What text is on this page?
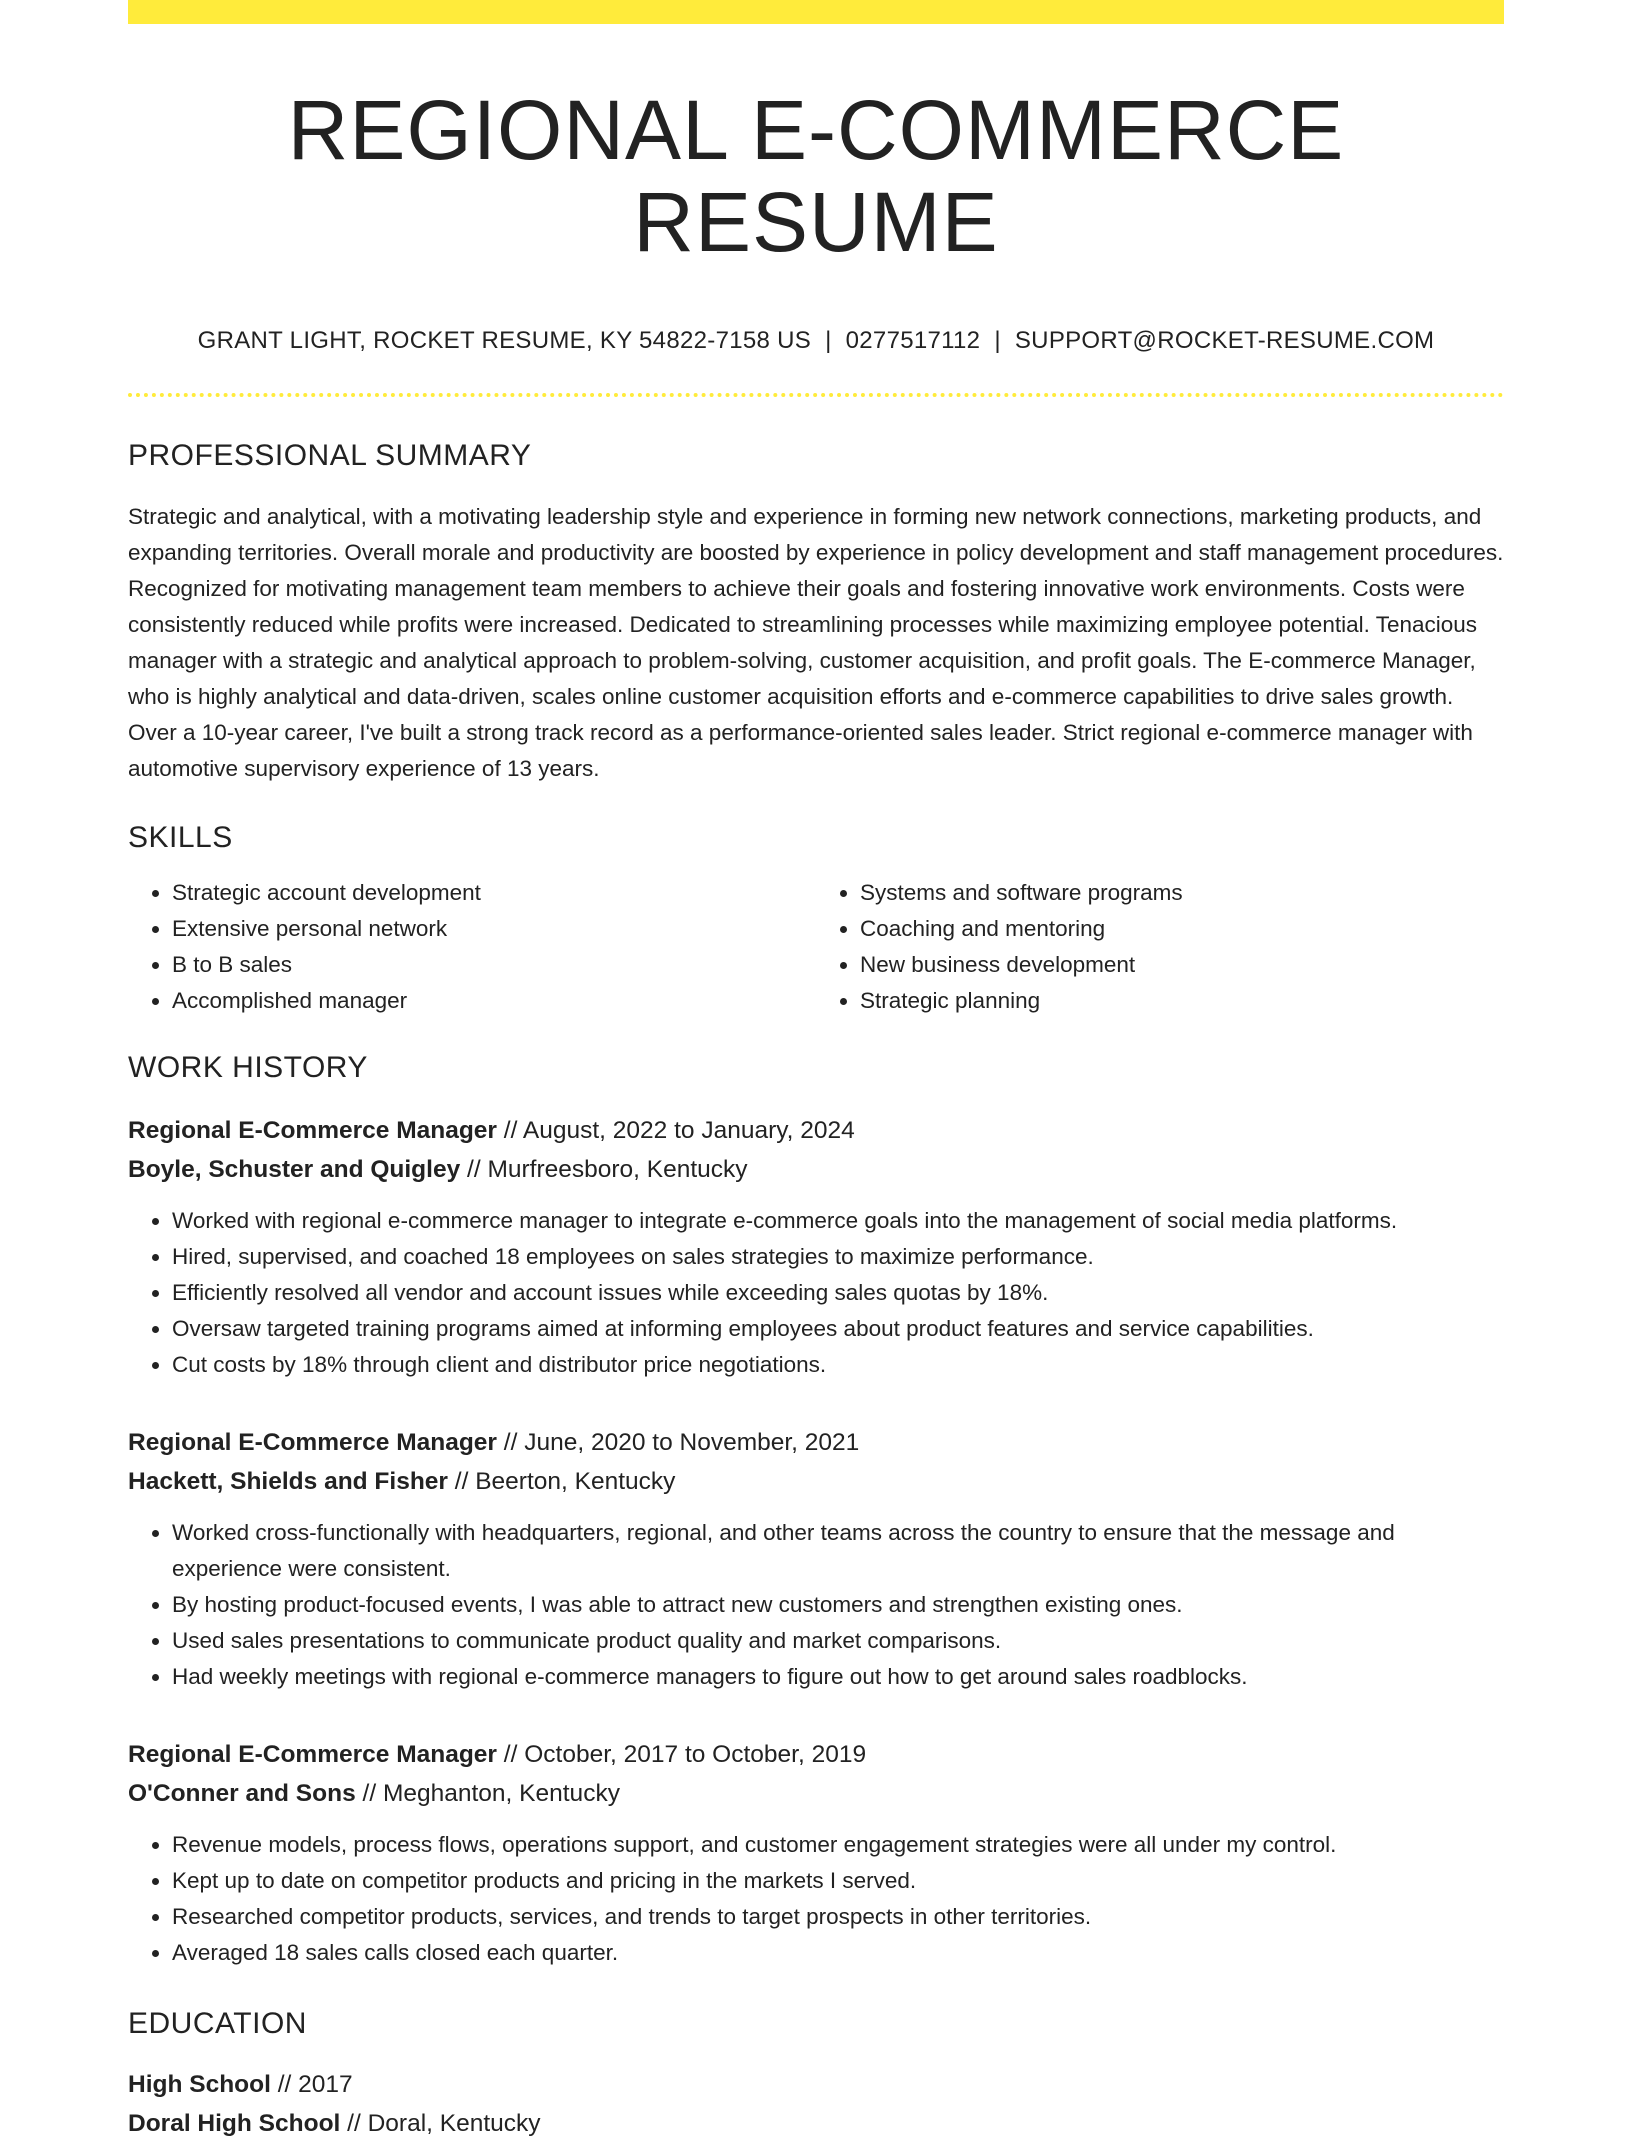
REGIONAL E-COMMERCE RESUME
GRANT LIGHT, ROCKET RESUME, KY 54822-7158 US | 0277517112 | SUPPORT@ROCKET-RESUME.COM
PROFESSIONAL SUMMARY
Strategic and analytical, with a motivating leadership style and experience in forming new network connections, marketing products, and expanding territories. Overall morale and productivity are boosted by experience in policy development and staff management procedures. Recognized for motivating management team members to achieve their goals and fostering innovative work environments. Costs were consistently reduced while profits were increased. Dedicated to streamlining processes while maximizing employee potential. Tenacious manager with a strategic and analytical approach to problem-solving, customer acquisition, and profit goals. The E-commerce Manager, who is highly analytical and data-driven, scales online customer acquisition efforts and e-commerce capabilities to drive sales growth. Over a 10-year career, I've built a strong track record as a performance-oriented sales leader. Strict regional e-commerce manager with automotive supervisory experience of 13 years.
SKILLS
• Strategic account development
• Extensive personal network
• B to B sales
• Accomplished manager
• Systems and software programs
• Coaching and mentoring
• New business development
• Strategic planning
WORK HISTORY
Regional E-Commerce Manager // August, 2022 to January, 2024
Boyle, Schuster and Quigley // Murfreesboro, Kentucky
• Worked with regional e-commerce manager to integrate e-commerce goals into the management of social media platforms.
• Hired, supervised, and coached 18 employees on sales strategies to maximize performance.
• Efficiently resolved all vendor and account issues while exceeding sales quotas by 18%.
• Oversaw targeted training programs aimed at informing employees about product features and service capabilities.
• Cut costs by 18% through client and distributor price negotiations.
Regional E-Commerce Manager // June, 2020 to November, 2021
Hackett, Shields and Fisher // Beerton, Kentucky
• Worked cross-functionally with headquarters, regional, and other teams across the country to ensure that the message and experience were consistent.
• By hosting product-focused events, I was able to attract new customers and strengthen existing ones.
• Used sales presentations to communicate product quality and market comparisons.
• Had weekly meetings with regional e-commerce managers to figure out how to get around sales roadblocks.
Regional E-Commerce Manager // October, 2017 to October, 2019
O'Conner and Sons // Meghanton, Kentucky
• Revenue models, process flows, operations support, and customer engagement strategies were all under my control.
• Kept up to date on competitor products and pricing in the markets I served.
• Researched competitor products, services, and trends to target prospects in other territories.
• Averaged 18 sales calls closed each quarter.
EDUCATION
High School // 2017
Doral High School // Doral, Kentucky
